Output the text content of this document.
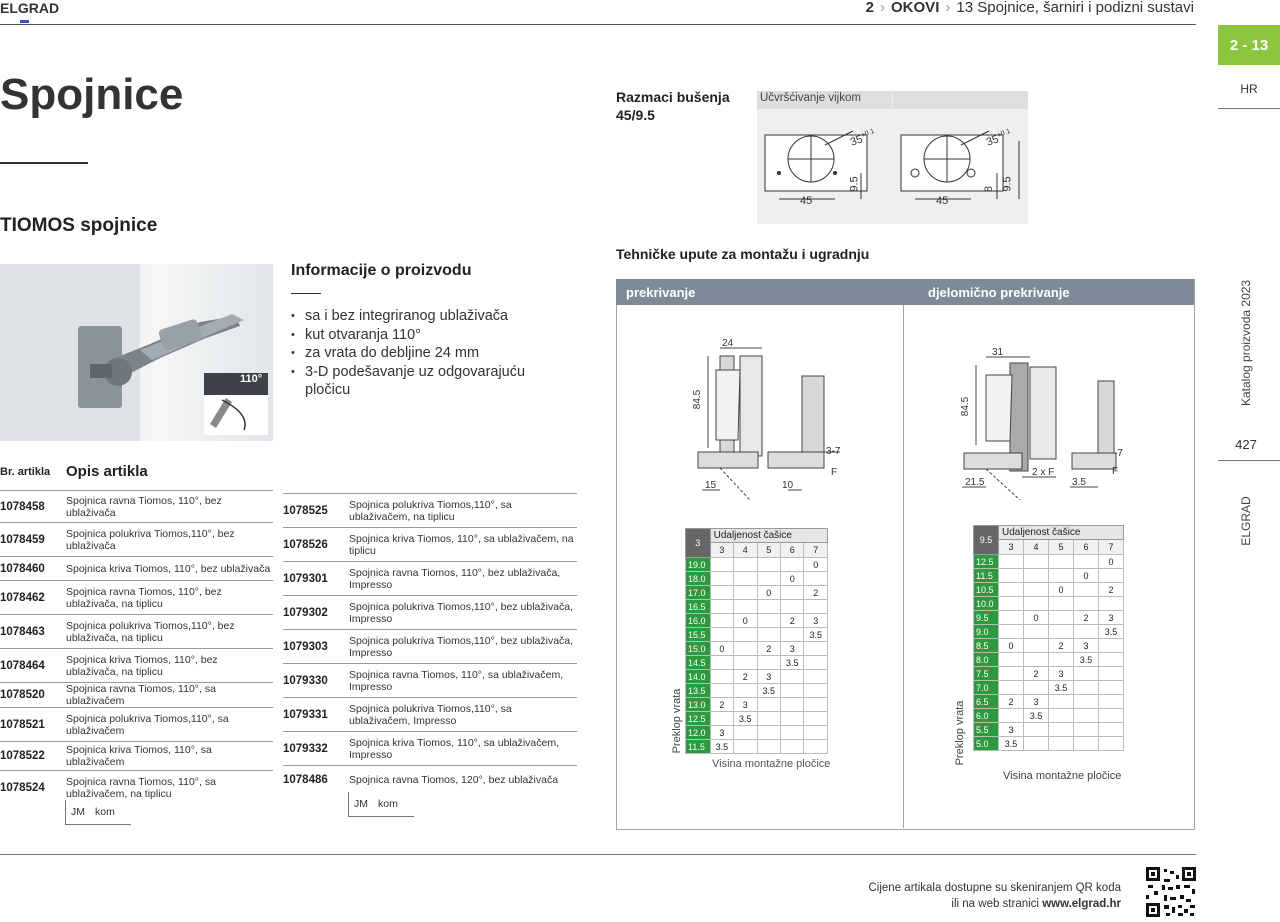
ELGRAD	2 › OKOVI › 13 Spojnice, šarniri i podizni sustavi
2 - 13
HR
Katalog proizvoda 2023
427
ELGRAD
Spojnice
TIOMOS spojnice
110°
Informacije o proizvodu
• sa i bez integriranog ublaživača
• kut otvaranja 110°
• za vrata do debljine 24 mm
• 3-D podešavanje uz odgovarajuću pločicu
Br. artikla Opis artikla
1078458	Spojnica ravna Tiomos, 110°, bez ublaživača
1078459	Spojnica polukriva Tiomos,110°, bez ublaživača
1078460	Spojnica kriva Tiomos, 110°, bez ublaživača
1078462	Spojnica ravna Tiomos, 110°, bez ublaživača, na tiplicu
1078463	Spojnica polukriva Tiomos,110°, bez ublaživača, na tiplicu
1078464	Spojnica kriva Tiomos, 110°, bez ublaživača, na tiplicu
1078520	Spojnica ravna Tiomos, 110°, sa ublaživačem
1078521	Spojnica polukriva Tiomos,110°, sa ublaživačem
1078522	Spojnica kriva Tiomos, 110°, sa ublaživačem
1078524	Spojnica ravna Tiomos, 110°, sa ublaživačem, na tiplicu
JM kom
1078525	Spojnica polukriva Tiomos,110°, sa ublaživačem, na tiplicu
1078526	Spojnica kriva Tiomos, 110°, sa ublaživačem, na tiplicu
1079301	Spojnica ravna Tiomos, 110°, bez ublaživača, Impresso
1079302	Spojnica polukriva Tiomos,110°, bez ublaživača, Impresso
1079303	Spojnica polukriva Tiomos,110°, bez ublaživača, Impresso
1079330	Spojnica ravna Tiomos, 110°, sa ublaživačem, Impresso
1079331	Spojnica polukriva Tiomos,110°, sa ublaživačem, Impresso
1079332	Spojnica kriva Tiomos, 110°, sa ublaživačem, Impresso
1078486	Spojnica ravna Tiomos, 120°, bez ublaživača
JM kom
Razmaci bušenja
45/9.5
Učvršćivanje vijkom
$35^{+0.1}$
45
9.5
$35^{+0.1}$
45
8 9.5
Tehničke upute za montažu i ugradnju
prekrivanje	djelomično prekrivanje
24
84.5
15	10
3-7
F
31
84.5
21.5
2 x F
3.5
-7
F
3	Udaljenost čašice				
	3	4	5	6	7
19.0					0
18.0				0	
17.0			0		2
16.5					
16.0		0		2	3
15.5					3.5
15.0	0		2	3	
14.5				3.5	
14.0		2	3		
13.5			3.5		
13.0	2	3			
12.5		3.5			
12.0	3				
11.5	3.5				
Preklop vrata
Visina montažne pločice
9.5	Udaljenost čašice				
	3	4	5	6	7
12.5					0
11.5				0	
10.5			0		2
10.0					
9.5		0		2	3
9.0					3.5
8.5	0		2	3	
8.0				3.5	
7.5		2	3		
7.0			3.5		
6.5	2	3			
6.0		3.5			
5.5	3				
5.0	3.5				
Preklop vrata
Visina montažne pločice
Cijene artikala dostupne su skeniranjem QR koda
ili na web stranici www.elgrad.hr
